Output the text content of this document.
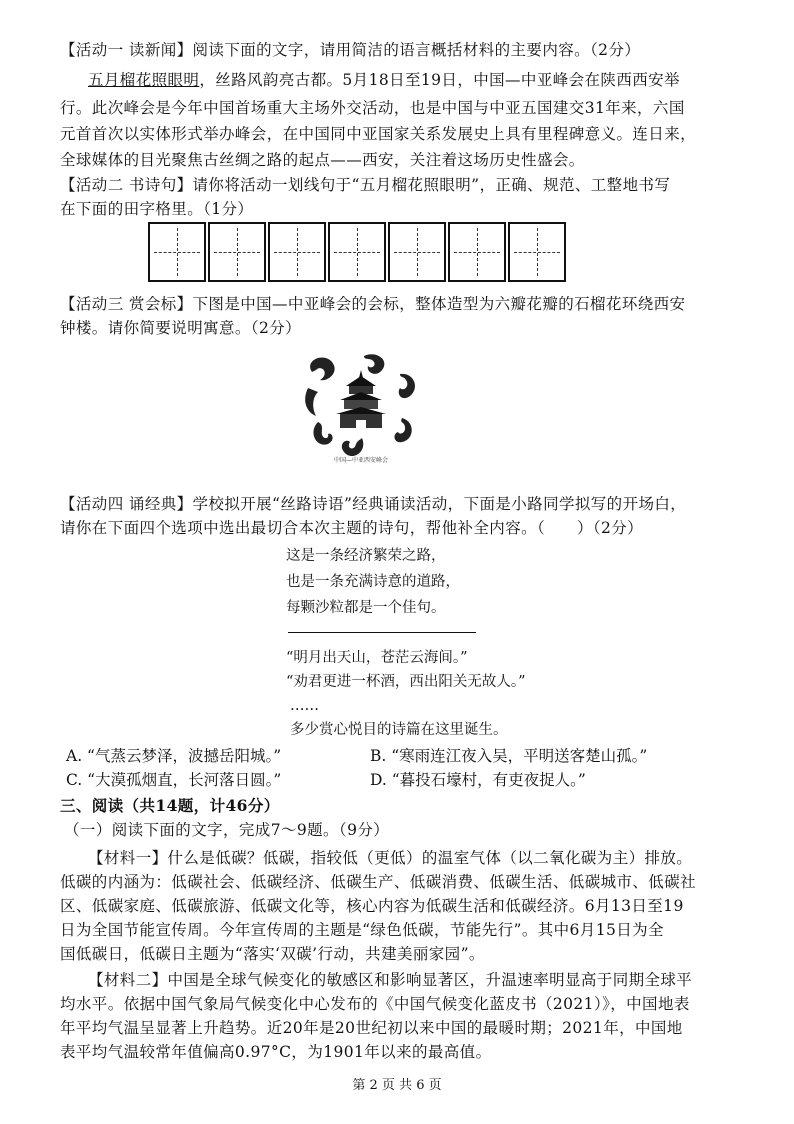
【活动一 读新闻】阅读下面的文字，请用简洁的语言概括材料的主要内容。（2分）
五月榴花照眼明，丝路风韵亮古都。5月18日至19日，中国—中亚峰会在陕西西安举
行。此次峰会是今年中国首场重大主场外交活动，也是中国与中亚五国建交31年来，六国
元首首次以实体形式举办峰会，在中国同中亚国家关系发展史上具有里程碑意义。连日来，
全球媒体的目光聚焦古丝绸之路的起点——西安，关注着这场历史性盛会。
【活动二 书诗句】请你将活动一划线句于“五月榴花照眼明”，正确、规范、工整地书写
在下面的田字格里。（1分）
【活动三 赏会标】下图是中国—中亚峰会的会标，整体造型为六瓣花瓣的石榴花环绕西安
钟楼。请你简要说明寓意。（2分）
中国—中亚西安峰会
【活动四 诵经典】学校拟开展“丝路诗语”经典诵读活动，下面是小路同学拟写的开场白，
请你在下面四个选项中选出最切合本次主题的诗句，帮他补全内容。（　　）（2分）
这是一条经济繁荣之路，
也是一条充满诗意的道路，
每颗沙粒都是一个佳句。
“明月出天山，苍茫云海间。”
“劝君更进一杯酒，西出阳关无故人。”
……
多少赏心悦目的诗篇在这里诞生。
A. “气蒸云梦泽，波撼岳阳城。”	B. “寒雨连江夜入吴，平明送客楚山孤。”
C. “大漠孤烟直，长河落日圆。”	D. “暮投石壕村，有吏夜捉人。”
三、阅读（共14题，计46分）
（一）阅读下面的文字，完成7～9题。（9分）
【材料一】什么是低碳？低碳，指较低（更低）的温室气体（以二氧化碳为主）排放。
低碳的内涵为：低碳社会、低碳经济、低碳生产、低碳消费、低碳生活、低碳城市、低碳社
区、低碳家庭、低碳旅游、低碳文化等，核心内容为低碳生活和低碳经济。6月13日至19
日为全国节能宣传周。今年宣传周的主题是“绿色低碳，节能先行”。其中6月15日为全
国低碳日，低碳日主题为“落实‘双碳’行动，共建美丽家园”。
【材料二】中国是全球气候变化的敏感区和影响显著区，升温速率明显高于同期全球平
均水平。依据中国气象局气候变化中心发布的《中国气候变化蓝皮书（2021）》，中国地表
年平均气温呈显著上升趋势。近20年是20世纪初以来中国的最暖时期；2021年，中国地
表平均气温较常年值偏高0.97°C，为1901年以来的最高值。
第 2 页 共 6 页
